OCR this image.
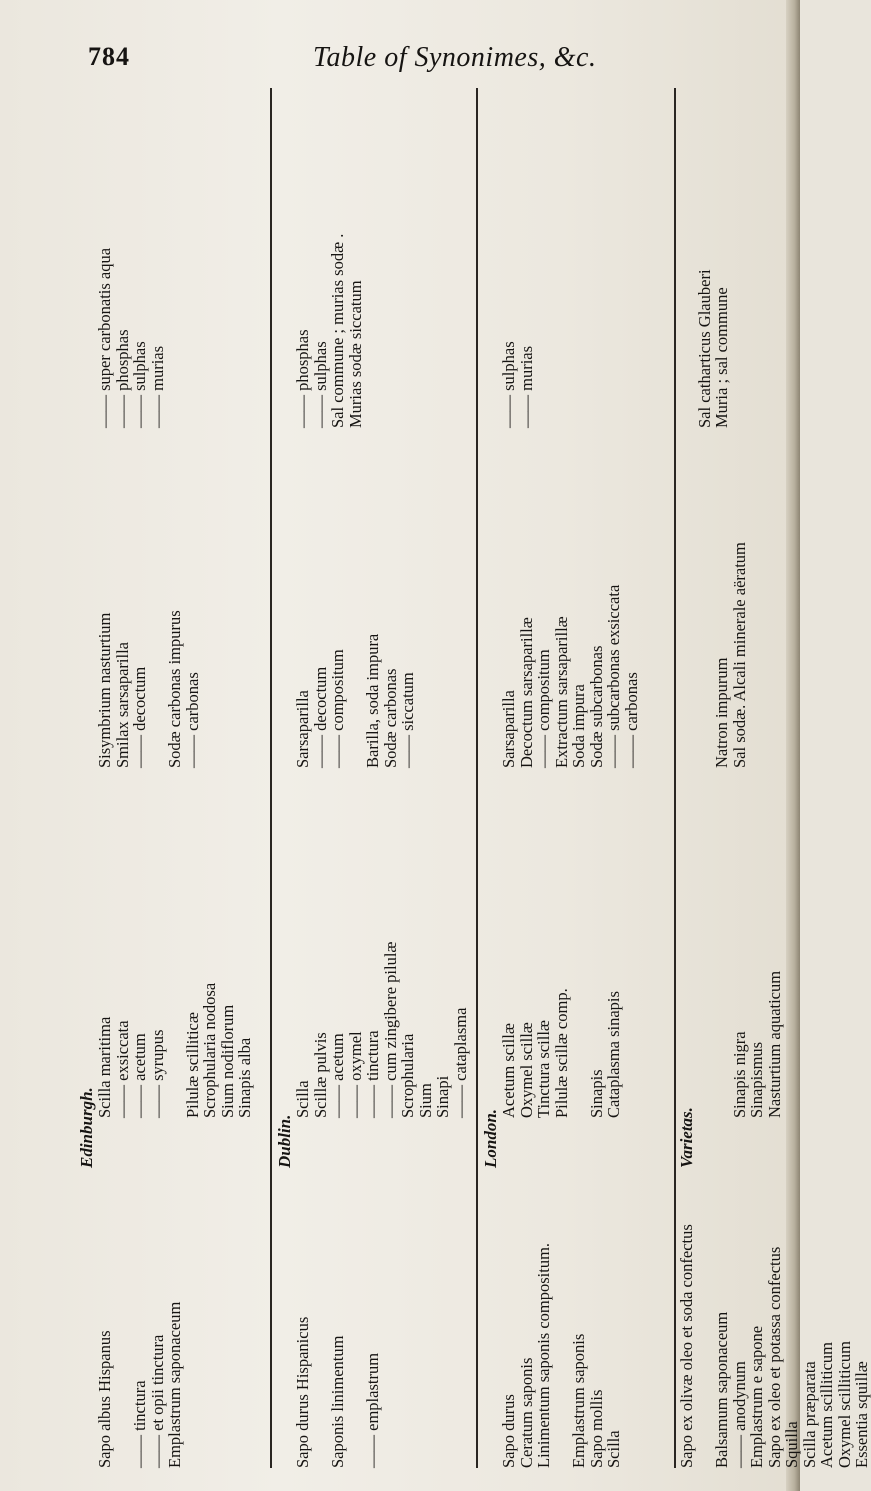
784	Table of Synonimes, &c.
Edinburgh.
Sapo albus Hispanus —— tinctura
—— et opii tinctura
Emplastrum saponaceum
Scilla maritima
—— exsiccata
—— acetum
—— syrupus Pilulæ scilliticæ
Scrophularia nodosa
Sium nodiflorum
Sinapis alba
Sisymbrium nasturtium
Smilax sarsaparilla
—— decoctum Sodæ carbonas impurus
—— carbonas
—— super carbonatis aqua
—— phosphas
—— sulphas
—— murias
Dublin.
Sapo durus Hispanicus Saponis linimentum —— emplastrum
Scilla
Scillæ pulvis
—— acetum
—— oxymel
—— tinctura
—— cum zingibere pilulæ
Scrophularia
Sium
Sinapi
—— cataplasma
Sarsaparilla
—— decoctum
—— compositum Barilla, soda impura
Sodæ carbonas
—— siccatum
—— phosphas
—— sulphas
Sal commune ; murias sodæ .
Murias sodæ siccatum
London.
Sapo durus
Ceratum saponis
Linimentum saponis compositum. Emplastrum saponis
Sapo mollis
Scilla
Acetum scillæ
Oxymel scillæ
Tinctura scillæ
Pilulæ scillæ comp. Sinapis
Cataplasma sinapis
Sarsaparilla
Decoctum sarsaparillæ
—— compositum
Extractum sarsaparillæ
Soda impura
Sodæ subcarbonas
—— subcarbonas exsiccata
—— carbonas
—— sulphas
—— murias
Varietas.
Sapo ex olivæ oleo et soda confectus Balsamum saponaceum
—— anodynum
Emplastrum e sapone
Sapo ex oleo et potassa confectus
Squilla
Scilla præparata
Acetum scilliticum
Oxymel scilliticum
Essentia squillæ
Sinapis nigra
Sinapismus
Nasturtium aquaticum
Natron impurum
Sal sodæ. Alcali minerale aëratum
Sal catharticus Glauberi
Muria ; sal commune
